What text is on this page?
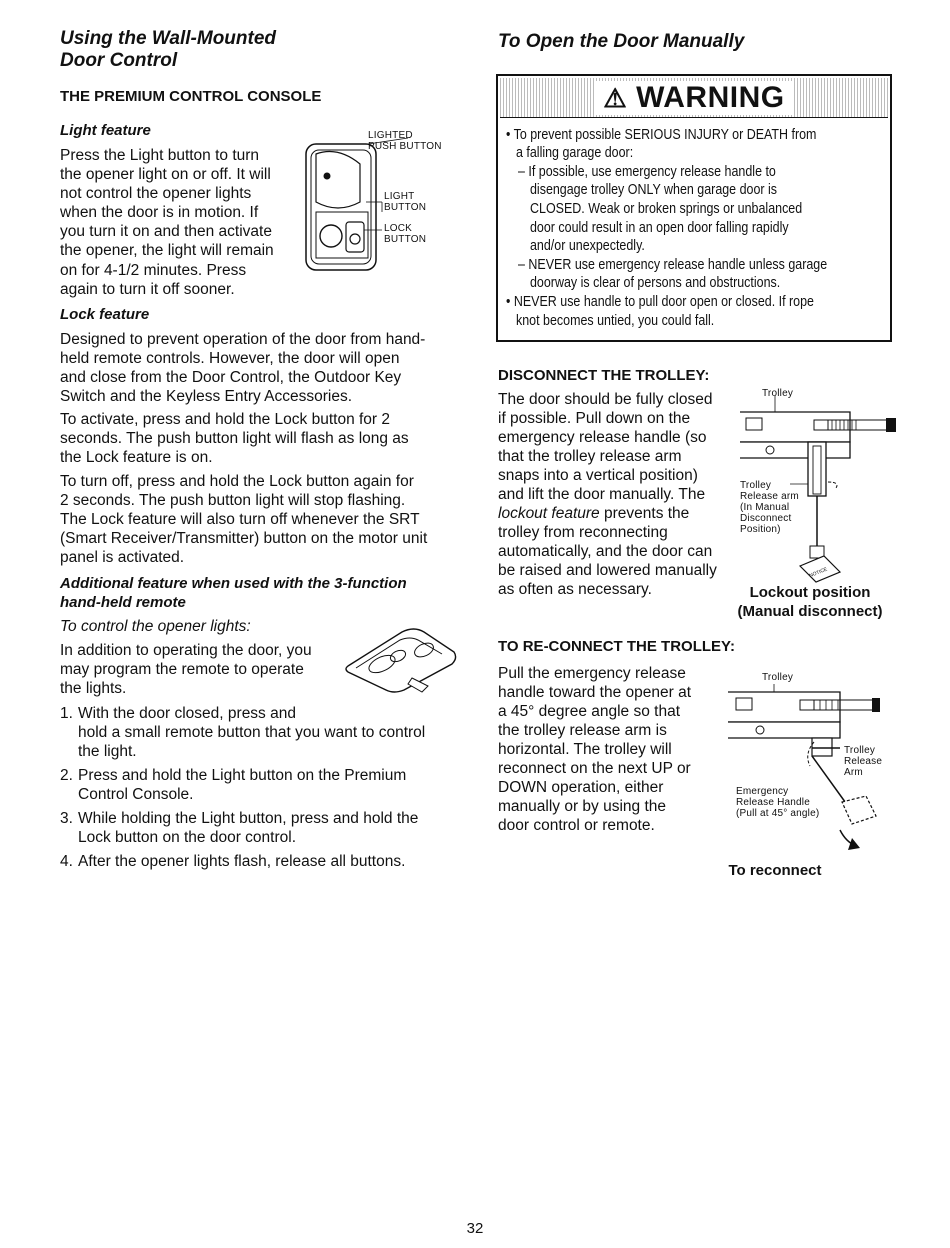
Using the Wall-Mounted
Door Control
THE PREMIUM CONTROL CONSOLE
Light feature
Press the Light button to turn
the opener light on or off. It will
not control the opener lights
when the door is in motion. If
you turn it on and then activate
the opener, the light will remain
on for 4-1/2 minutes. Press
again to turn it off sooner.
LIGHTED
PUSH BUTTON
LIGHT
BUTTON
LOCK
BUTTON
Lock feature
Designed to prevent operation of the door from hand-
held remote controls. However, the door will open
and close from the Door Control, the Outdoor Key
Switch and the Keyless Entry Accessories.
To activate, press and hold the Lock button for 2
seconds. The push button light will flash as long as
the Lock feature is on.
To turn off, press and hold the Lock button again for
2 seconds. The push button light will stop flashing.
The Lock feature will also turn off whenever the SRT
(Smart Receiver/Transmitter) button on the motor unit
panel is activated.
Additional feature when used with the 3-function
hand-held remote
To control the opener lights:
In addition to operating the door, you
may program the remote to operate
the lights.
1. With the door closed, press and
hold a small remote button that you want to control
the light.
2. Press and hold the Light button on the Premium
Control Console.
3. While holding the Light button, press and hold the
Lock button on the door control.
4. After the opener lights flash, release all buttons.
To Open the Door Manually
⚠ WARNING
• To prevent possible SERIOUS INJURY or DEATH from
a falling garage door:
– If possible, use emergency release handle to
disengage trolley ONLY when garage door is
CLOSED. Weak or broken springs or unbalanced
door could result in an open door falling rapidly
and/or unexpectedly.
– NEVER use emergency release handle unless garage
doorway is clear of persons and obstructions.
• NEVER use handle to pull door open or closed. If rope
knot becomes untied, you could fall.
DISCONNECT THE TROLLEY:
The door should be fully closed
if possible. Pull down on the
emergency release handle (so
that the trolley release arm
snaps into a vertical position)
and lift the door manually. The
lockout feature prevents the
trolley from reconnecting
automatically, and the door can
be raised and lowered manually
as often as necessary.
NOTICE
Trolley
Trolley
Release arm
(In Manual
Disconnect
Position)
Lockout position
(Manual disconnect)
TO RE-CONNECT THE TROLLEY:
Pull the emergency release
handle toward the opener at
a 45° degree angle so that
the trolley release arm is
horizontal. The trolley will
reconnect on the next UP or
DOWN operation, either
manually or by using the
door control or remote.
Trolley
Trolley
Release
Arm
Emergency
Release Handle
(Pull at 45° angle)
To reconnect
32
